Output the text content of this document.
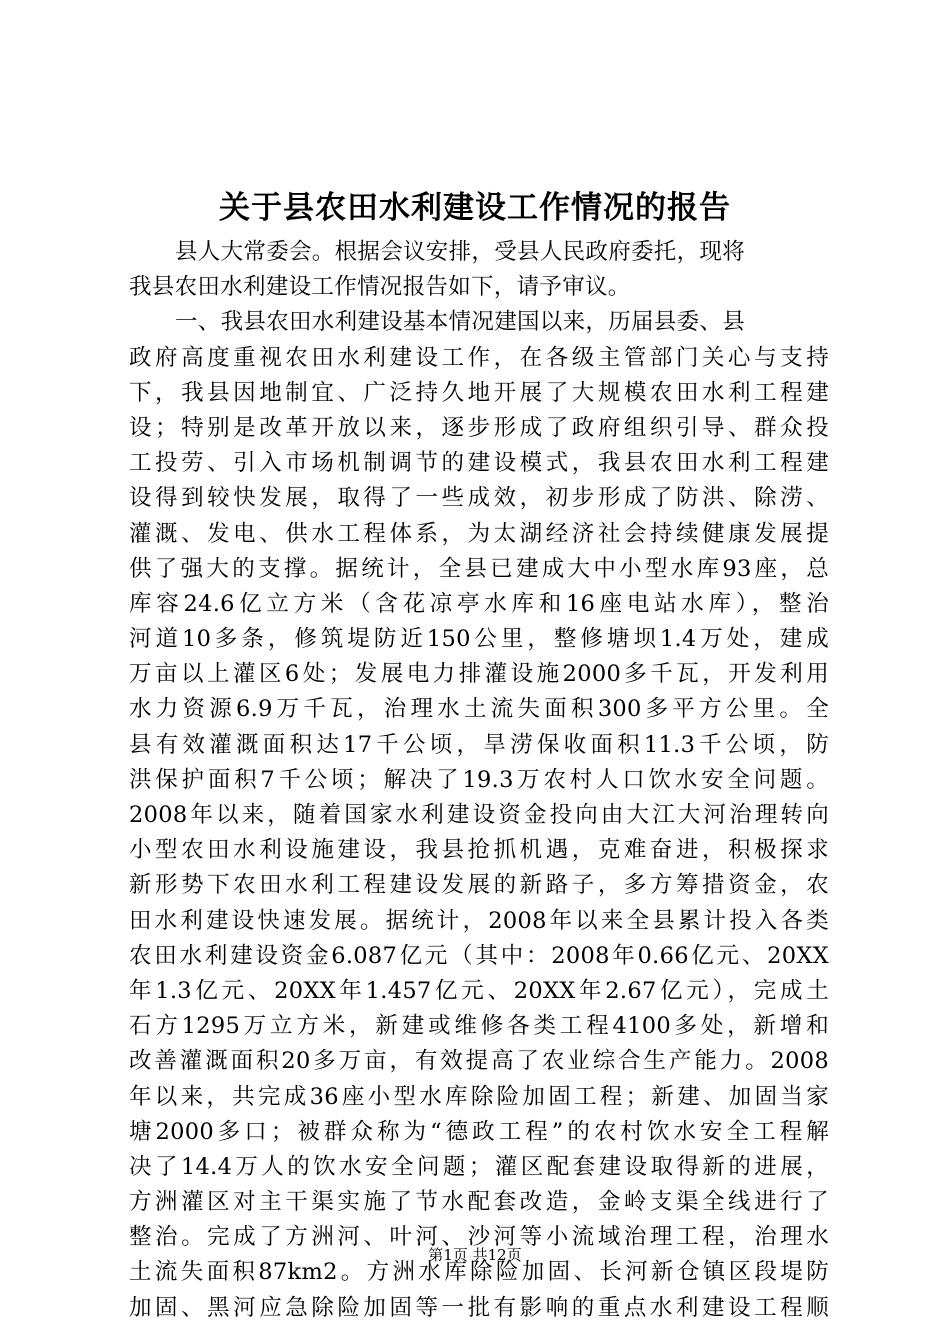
关于县农田水利建设工作情况的报告
县人大常委会。根据会议安排，受县人民政府委托，现将
我县农田水利建设工作情况报告如下，请予审议。
一、我县农田水利建设基本情况建国以来，历届县委、县
政府高度重视农田水利建设工作，在各级主管部门关心与支持
下，我县因地制宜、广泛持久地开展了大规模农田水利工程建
设；特别是改革开放以来，逐步形成了政府组织引导、群众投
工投劳、引入市场机制调节的建设模式，我县农田水利工程建
设得到较快发展，取得了一些成效，初步形成了防洪、除涝、
灌溉、发电、供水工程体系，为太湖经济社会持续健康发展提
供了强大的支撑。据统计，全县已建成大中小型水库93座，总
库容24.6亿立方米（含花凉亭水库和16座电站水库），整治
河道10多条，修筑堤防近150公里，整修塘坝1.4万处，建成
万亩以上灌区6处；发展电力排灌设施2000多千瓦，开发利用
水力资源6.9万千瓦，治理水土流失面积300多平方公里。全
县有效灌溉面积达17千公顷，旱涝保收面积11.3千公顷，防
洪保护面积7千公顷；解决了19.3万农村人口饮水安全问题。
2008年以来，随着国家水利建设资金投向由大江大河治理转向
小型农田水利设施建设，我县抢抓机遇，克难奋进，积极探求
新形势下农田水利工程建设发展的新路子，多方筹措资金，农
田水利建设快速发展。据统计，2008年以来全县累计投入各类
农田水利建设资金6.087亿元（其中：2008年0.66亿元、20XX
年1.3亿元、20XX年1.457亿元、20XX年2.67亿元），完成土
石方1295万立方米，新建或维修各类工程4100多处，新增和
改善灌溉面积20多万亩，有效提高了农业综合生产能力。2008
年以来，共完成36座小型水库除险加固工程；新建、加固当家
塘2000多口；被群众称为“德政工程”的农村饮水安全工程解
决了14.4万人的饮水安全问题；灌区配套建设取得新的进展，
方洲灌区对主干渠实施了节水配套改造，金岭支渠全线进行了
整治。完成了方洲河、叶河、沙河等小流域治理工程，治理水
土流失面积87km2。方洲水库除险加固、长河新仓镇区段堤防
加固、黑河应急除险加固等一批有影响的重点水利建设工程顺
第1页 共12页
